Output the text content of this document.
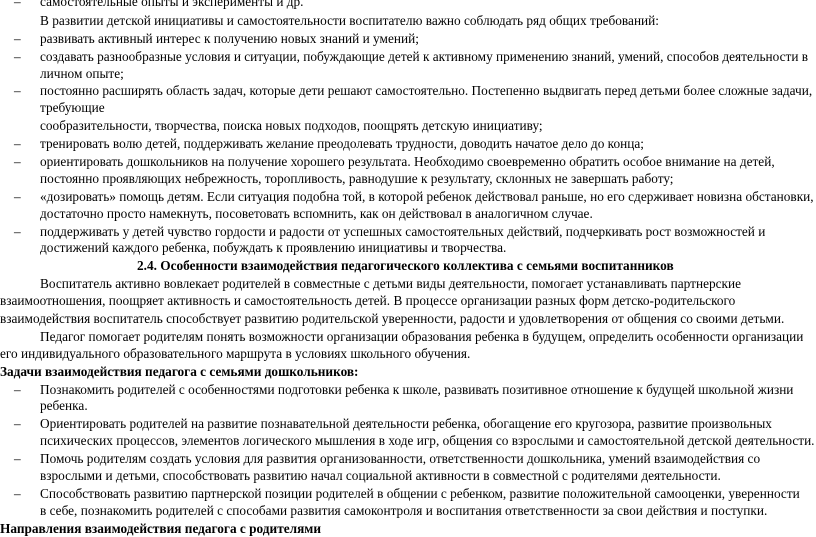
– самостоятельные опыты и эксперименты и др.
В развитии детской инициативы и самостоятельности воспитателю важно соблюдать ряд общих требований:
– развивать активный интерес к получению новых знаний и умений;
– создавать разнообразные условия и ситуации, побуждающие детей к активному применению знаний, умений, способов деятельности в
личном опыте;
– постоянно расширять область задач, которые дети решают самостоятельно. Постепенно выдвигать перед детьми более сложные задачи,
требующие
сообразительности, творчества, поиска новых подходов, поощрять детскую инициативу;
– тренировать волю детей, поддерживать желание преодолевать трудности, доводить начатое дело до конца;
– ориентировать дошкольников на получение хорошего результата. Необходимо своевременно обратить особое внимание на детей,
постоянно проявляющих небрежность, торопливость, равнодушие к результату, склонных не завершать работу;
– «дозировать» помощь детям. Если ситуация подобна той, в которой ребенок действовал раньше, но его сдерживает новизна обстановки,
достаточно просто намекнуть, посоветовать вспомнить, как он действовал в аналогичном случае.
– поддерживать у детей чувство гордости и радости от успешных самостоятельных действий, подчеркивать рост возможностей и
достижений каждого ребенка, побуждать к проявлению инициативы и творчества.
2.4. Особенности взаимодействия педагогического коллектива с семьями воспитанников
Воспитатель активно вовлекает родителей в совместные с детьми виды деятельности, помогает устанавливать партнерские
взаимоотношения, поощряет активность и самостоятельность детей. В процессе организации разных форм детско-родительского
взаимодействия воспитатель способствует развитию родительской уверенности, радости и удовлетворения от общения со своими детьми.
Педагог помогает родителям понять возможности организации образования ребенка в будущем, определить особенности организации
его индивидуального образовательного маршрута в условиях школьного обучения.
Задачи взаимодействия педагога с семьями дошкольников:
– Познакомить родителей с особенностями подготовки ребенка к школе, развивать позитивное отношение к будущей школьной жизни
ребенка.
– Ориентировать родителей на развитие познавательной деятельности ребенка, обогащение его кругозора, развитие произвольных
психических процессов, элементов логического мышления в ходе игр, общения со взрослыми и самостоятельной детской деятельности.
– Помочь родителям создать условия для развития организованности, ответственности дошкольника, умений взаимодействия со
взрослыми и детьми, способствовать развитию начал социальной активности в совместной с родителями деятельности.
– Способствовать развитию партнерской позиции родителей в общении с ребенком, развитие положительной самооценки, уверенности
в себе, познакомить родителей с способами развития самоконтроля и воспитания ответственности за свои действия и поступки.
Направления взаимодействия педагога с родителями
